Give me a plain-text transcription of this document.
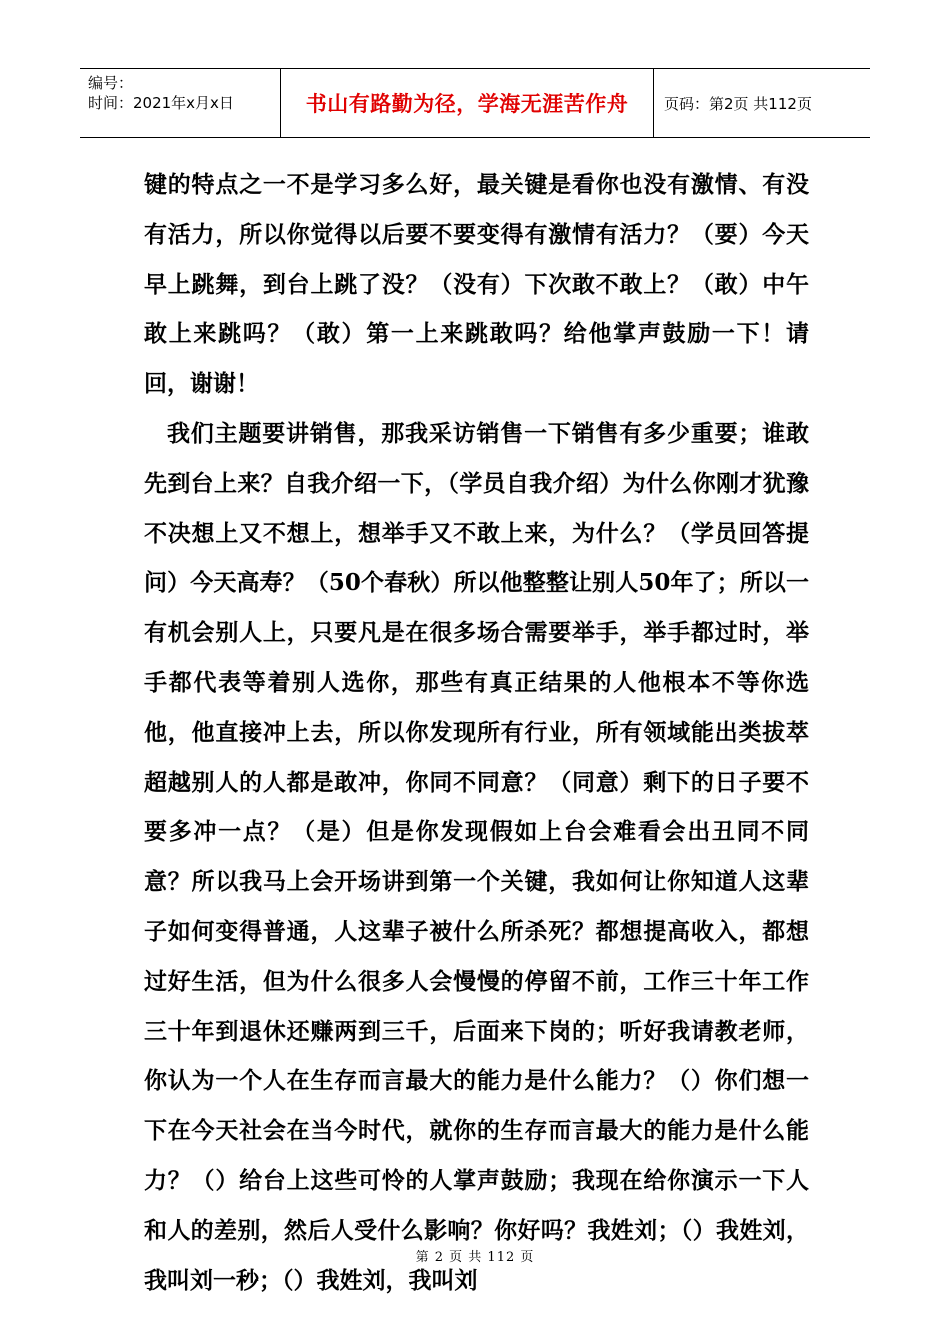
编号：
时间：2021年x月x日	书山有路勤为径，学海无涯苦作舟	页码：第2页 共112页

键的特点之一不是学习多么好，最关键是看你也没有激情、有没有活力，所以你觉得以后要不要变得有激情有活力？（要）今天早上跳舞，到台上跳了没？（没有）下次敢不敢上？（敢）中午敢上来跳吗？（敢）第一上来跳敢吗？给他掌声鼓励一下！请回，谢谢！

我们主题要讲销售，那我采访销售一下销售有多少重要；谁敢先到台上来？自我介绍一下，（学员自我介绍）为什么你刚才犹豫不决想上又不想上，想举手又不敢上来，为什么？（学员回答提问）今天高寿？（50个春秋）所以他整整让别人50年了；所以一有机会别人上，只要凡是在很多场合需要举手，举手都过时，举手都代表等着别人选你，那些有真正结果的人他根本不等你选他，他直接冲上去，所以你发现所有行业，所有领域能出类拔萃超越别人的人都是敢冲，你同不同意？（同意）剩下的日子要不要多冲一点？（是）但是你发现假如上台会难看会出丑同不同意？所以我马上会开场讲到第一个关键，我如何让你知道人这辈子如何变得普通，人这辈子被什么所杀死？都想提高收入，都想过好生活，但为什么很多人会慢慢的停留不前，工作三十年工作三十年到退休还赚两到三千，后面来下岗的；听好我请教老师，你认为一个人在生存而言最大的能力是什么能力？（）你们想一下在今天社会在当今时代，就你的生存而言最大的能力是什么能力？（）给台上这些可怜的人掌声鼓励；我现在给你演示一下人和人的差别，然后人受什么影响？你好吗？我姓刘；（）我姓刘，我叫刘一秒；（）我姓刘，我叫刘

第 2 页 共 112 页
